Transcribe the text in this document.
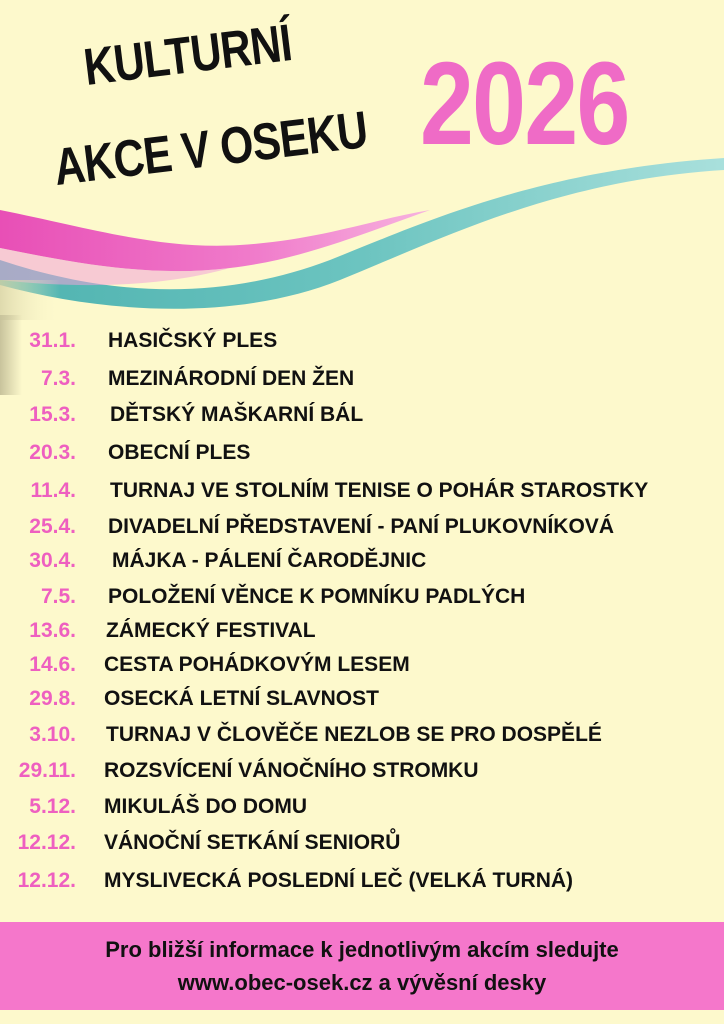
KULTURNÍ
AKCE V OSEKU 2026
31.1. HASIČSKÝ PLES
7.3. MEZINÁRODNÍ DEN ŽEN
15.3. DĚTSKÝ MAŠKARNÍ BÁL
20.3. OBECNÍ PLES
11.4. TURNAJ VE STOLNÍM TENISE O POHÁR STAROSTKY
25.4. DIVADELNÍ PŘEDSTAVENÍ - PANÍ PLUKOVNÍKOVÁ
30.4. MÁJKA - PÁLENÍ ČARODĚJNIC
7.5. POLOŽENÍ VĚNCE K POMNÍKU PADLÝCH
13.6. ZÁMECKÝ FESTIVAL
14.6. CESTA POHÁDKOVÝM LESEM
29.8. OSECKÁ LETNÍ SLAVNOST
3.10. TURNAJ V ČLOVĚČE NEZLOB SE PRO DOSPĚLÉ
29.11. ROZSVÍCENÍ VÁNOČNÍHO STROMKU
5.12. MIKULÁŠ DO DOMU
12.12. VÁNOČNÍ SETKÁNÍ SENIORŮ
12.12. MYSLIVECKÁ POSLEDNÍ LEČ (VELKÁ TURNÁ)
Pro bližší informace k jednotlivým akcím sledujte
www.obec-osek.cz a vývěsní desky
